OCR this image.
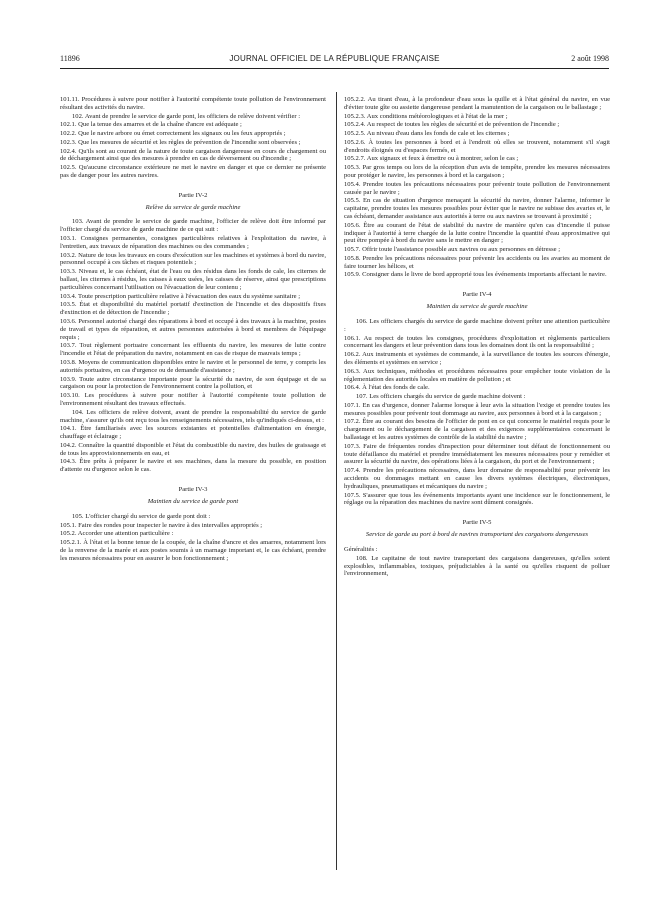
11896	JOURNAL OFFICIEL DE LA RÉPUBLIQUE FRANÇAISE	2 août 1998

101.11. Procédures à suivre pour notifier à l'autorité compétente toute pollution de l'environnement résultant des activités du navire.

102. Avant de prendre le service de garde pont, les officiers de relève doivent vérifier :

102.1. Que la tenue des amarres et de la chaîne d'ancre est adéquate ;

102.2. Que le navire arbore ou émet correctement les signaux ou les feux appropriés ;

102.3. Que les mesures de sécurité et les règles de prévention de l'incendie sont observées ;

102.4. Qu'ils sont au courant de la nature de toute cargaison dangereuse en cours de chargement ou de déchargement ainsi que des mesures à prendre en cas de déversement ou d'incendie ;

102.5. Qu'aucune circonstance extérieure ne met le navire en danger et que ce dernier ne présente pas de danger pour les autres navires.

Partie IV-2
Relève du service de garde machine

103. Avant de prendre le service de garde machine, l'officier de relève doit être informé par l'officier chargé du service de garde machine de ce qui suit :

103.1. Consignes permanentes, consignes particulières relatives à l'exploitation du navire, à l'entretien, aux travaux de réparation des machines ou des commandes ;

103.2. Nature de tous les travaux en cours d'exécution sur les machines et systèmes à bord du navire, personnel occupé à ces tâches et risques potentiels ;

103.3. Niveau et, le cas échéant, état de l'eau ou des résidus dans les fonds de cale, les citernes de ballast, les citernes à résidus, les caisses à eaux usées, les caisses de réserve, ainsi que prescriptions particulières concernant l'utilisation ou l'évacuation de leur contenu ;

103.4. Toute prescription particulière relative à l'évacuation des eaux du système sanitaire ;

103.5. État et disponibilité du matériel portatif d'extinction de l'incendie et des dispositifs fixes d'extinction et de détection de l'incendie ;

103.6. Personnel autorisé chargé des réparations à bord et occupé à des travaux à la machine, postes de travail et types de réparation, et autres personnes autorisées à bord et membres de l'équipage requis ;

103.7. Tout règlement portuaire concernant les effluents du navire, les mesures de lutte contre l'incendie et l'état de préparation du navire, notamment en cas de risque de mauvais temps ;

103.8. Moyens de communication disponibles entre le navire et le personnel de terre, y compris les autorités portuaires, en cas d'urgence ou de demande d'assistance ;

103.9. Toute autre circonstance importante pour la sécurité du navire, de son équipage et de sa cargaison ou pour la protection de l'environnement contre la pollution, et

103.10. Les procédures à suivre pour notifier à l'autorité compétente toute pollution de l'environnement résultant des travaux effectués.

104. Les officiers de relève doivent, avant de prendre la responsabilité du service de garde machine, s'assurer qu'ils ont reçu tous les renseignements nécessaires, tels qu'indiqués ci-dessus, et :

104.1. Être familiarisés avec les sources existantes et potentielles d'alimentation en énergie, chauffage et éclairage ;

104.2. Connaître la quantité disponible et l'état du combustible du navire, des huiles de graissage et de tous les approvisionnements en eau, et

104.3. Être prêts à préparer le navire et ses machines, dans la mesure du possible, en position d'attente ou d'urgence selon le cas.

Partie IV-3
Maintien du service de garde pont

105. L'officier chargé du service de garde pont doit :

105.1. Faire des rondes pour inspecter le navire à des intervalles appropriés ;

105.2. Accorder une attention particulière :

105.2.1. À l'état et la bonne tenue de la coupée, de la chaîne d'ancre et des amarres, notamment lors de la renverse de la marée et aux postes soumis à un marnage important et, le cas échéant, prendre les mesures nécessaires pour en assurer le bon fonctionnement ;

105.2.2. Au tirant d'eau, à la profondeur d'eau sous la quille et à l'état général du navire, en vue d'éviter toute gîte ou assiette dangereuse pendant la manutention de la cargaison ou le ballastage ;

105.2.3. Aux conditions météorologiques et à l'état de la mer ;

105.2.4. Au respect de toutes les règles de sécurité et de prévention de l'incendie ;

105.2.5. Au niveau d'eau dans les fonds de cale et les citernes ;

105.2.6. À toutes les personnes à bord et à l'endroit où elles se trouvent, notamment s'il s'agit d'endroits éloignés ou d'espaces fermés, et

105.2.7. Aux signaux et feux à émettre ou à montrer, selon le cas ;

105.3. Par gros temps ou lors de la réception d'un avis de tempête, prendre les mesures nécessaires pour protéger le navire, les personnes à bord et la cargaison ;

105.4. Prendre toutes les précautions nécessaires pour prévenir toute pollution de l'environnement causée par le navire ;

105.5. En cas de situation d'urgence menaçant la sécurité du navire, donner l'alarme, informer le capitaine, prendre toutes les mesures possibles pour éviter que le navire ne subisse des avaries et, le cas échéant, demander assistance aux autorités à terre ou aux navires se trouvant à proximité ;

105.6. Être au courant de l'état de stabilité du navire de manière qu'en cas d'incendie il puisse indiquer à l'autorité à terre chargée de la lutte contre l'incendie la quantité d'eau approximative qui peut être pompée à bord du navire sans le mettre en danger ;

105.7. Offrir toute l'assistance possible aux navires ou aux personnes en détresse ;

105.8. Prendre les précautions nécessaires pour prévenir les accidents ou les avaries au moment de faire tourner les hélices, et

105.9. Consigner dans le livre de bord approprié tous les événements importants affectant le navire.

Partie IV-4
Maintien du service de garde machine

106. Les officiers chargés du service de garde machine doivent prêter une attention particulière :

106.1. Au respect de toutes les consignes, procédures d'exploitation et règlements particuliers concernant les dangers et leur prévention dans tous les domaines dont ils ont la responsabilité ;

106.2. Aux instruments et systèmes de commande, à la surveillance de toutes les sources d'énergie, des éléments et systèmes en service ;

106.3. Aux techniques, méthodes et procédures nécessaires pour empêcher toute violation de la réglementation des autorités locales en matière de pollution ; et

106.4. À l'état des fonds de cale.

107. Les officiers chargés du service de garde machine doivent :

107.1. En cas d'urgence, donner l'alarme lorsque à leur avis la situation l'exige et prendre toutes les mesures possibles pour prévenir tout dommage au navire, aux personnes à bord et à la cargaison ;

107.2. Être au courant des besoins de l'officier de pont en ce qui concerne le matériel requis pour le chargement ou le déchargement de la cargaison et des exigences supplémentaires concernant le ballastage et les autres systèmes de contrôle de la stabilité du navire ;

107.3. Faire de fréquentes rondes d'inspection pour déterminer tout défaut de fonctionnement ou toute défaillance du matériel et prendre immédiatement les mesures nécessaires pour y remédier et assurer la sécurité du navire, des opérations liées à la cargaison, du port et de l'environnement ;

107.4. Prendre les précautions nécessaires, dans leur domaine de responsabilité pour prévenir les accidents ou dommages mettant en cause les divers systèmes électriques, électroniques, hydrauliques, pneumatiques et mécaniques du navire ;

107.5. S'assurer que tous les événements importants ayant une incidence sur le fonctionnement, le réglage ou la réparation des machines du navire sont dûment consignés.

Partie IV-5
Service de garde au port à bord de navires transportant des cargaisons dangereuses

Généralités :

108. Le capitaine de tout navire transportant des cargaisons dangereuses, qu'elles soient explosibles, inflammables, toxiques, préjudiciables à la santé ou qu'elles risquent de polluer l'environnement,
